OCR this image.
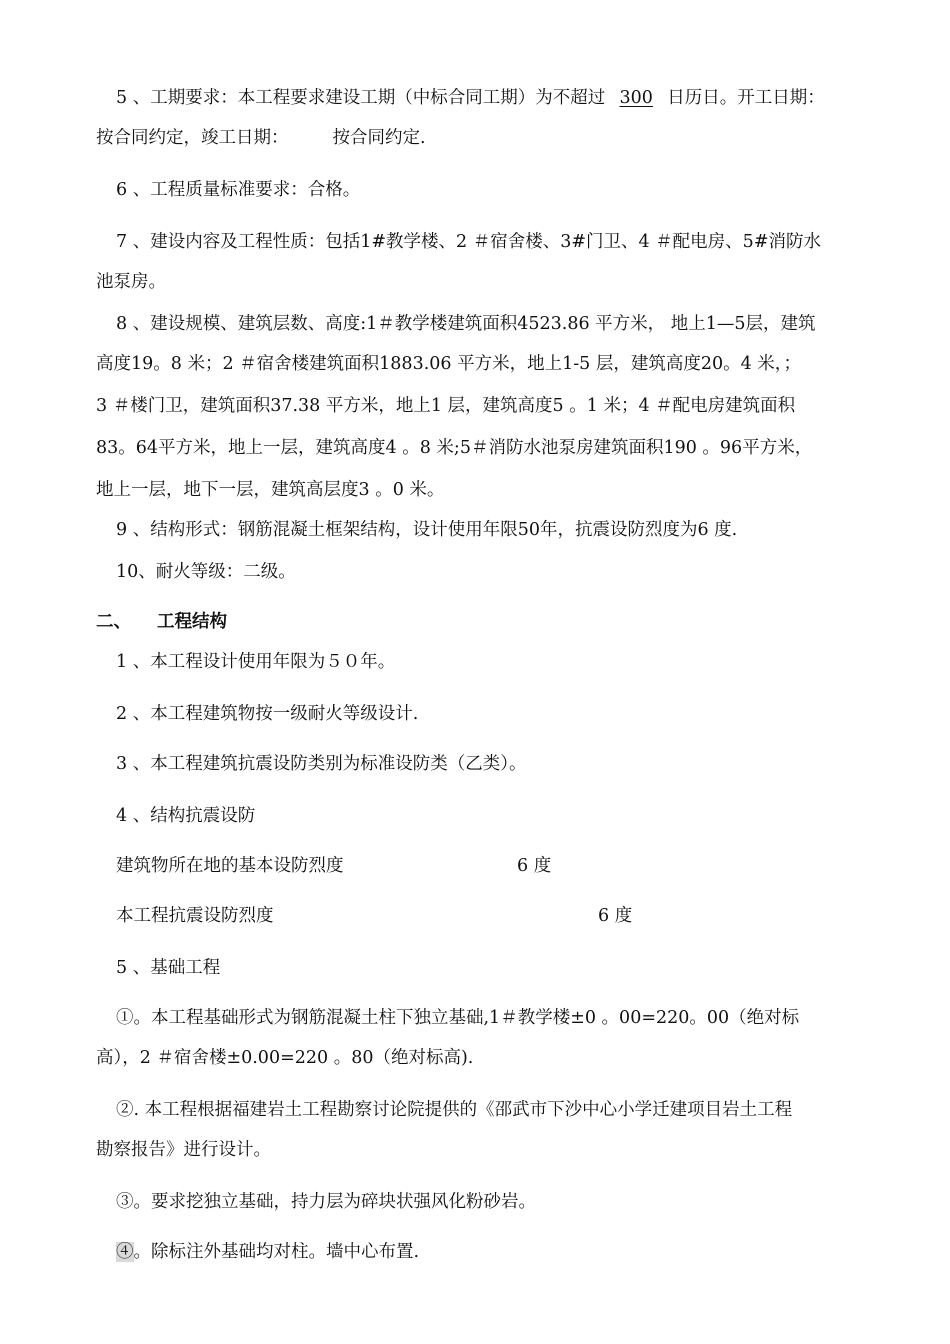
5 、工期要求：本工程要求建设工期（中标合同工期）为不超过 300 日历日。开工日期：
按合同约定，竣工日期：	按合同约定.
6 、工程质量标准要求：合格。
7 、建设内容及工程性质：包括1#教学楼、2 ＃宿舍楼、3#门卫、4 ＃配电房、5#消防水
池泵房。
8 、建设规模、建筑层数、高度:1＃教学楼建筑面积4523.86 平方米， 地上1—5层，建筑
高度19。8 米；2 ＃宿舍楼建筑面积1883.06 平方米，地上1-5 层，建筑高度20。4 米，；
3 ＃楼门卫，建筑面积37.38 平方米，地上1 层，建筑高度5 。1 米；4 ＃配电房建筑面积
83。64平方米，地上一层，建筑高度4 。8 米;5＃消防水池泵房建筑面积190 。96平方米，
地上一层，地下一层，建筑高层度3 。0 米。
9 、结构形式：钢筋混凝土框架结构，设计使用年限50年，抗震设防烈度为6 度.
10、耐火等级：二级。
二、 工程结构
1 、本工程设计使用年限为５０年。
2 、本工程建筑物按一级耐火等级设计.
3 、本工程建筑抗震设防类别为标准设防类（乙类）。
4 、结构抗震设防
建筑物所在地的基本设防烈度	6 度
本工程抗震设防烈度	6 度
5 、基础工程
①。本工程基础形式为钢筋混凝土柱下独立基础,1＃教学楼±0 。00=220。00（绝对标
高），2 ＃宿舍楼±0.00=220 。80（绝对标高).
②. 本工程根据福建岩土工程勘察讨论院提供的《邵武市下沙中心小学迁建项目岩土工程
勘察报告》进行设计。
③。要求挖独立基础，持力层为碎块状强风化粉砂岩。
④。除标注外基础均对柱。墙中心布置.
